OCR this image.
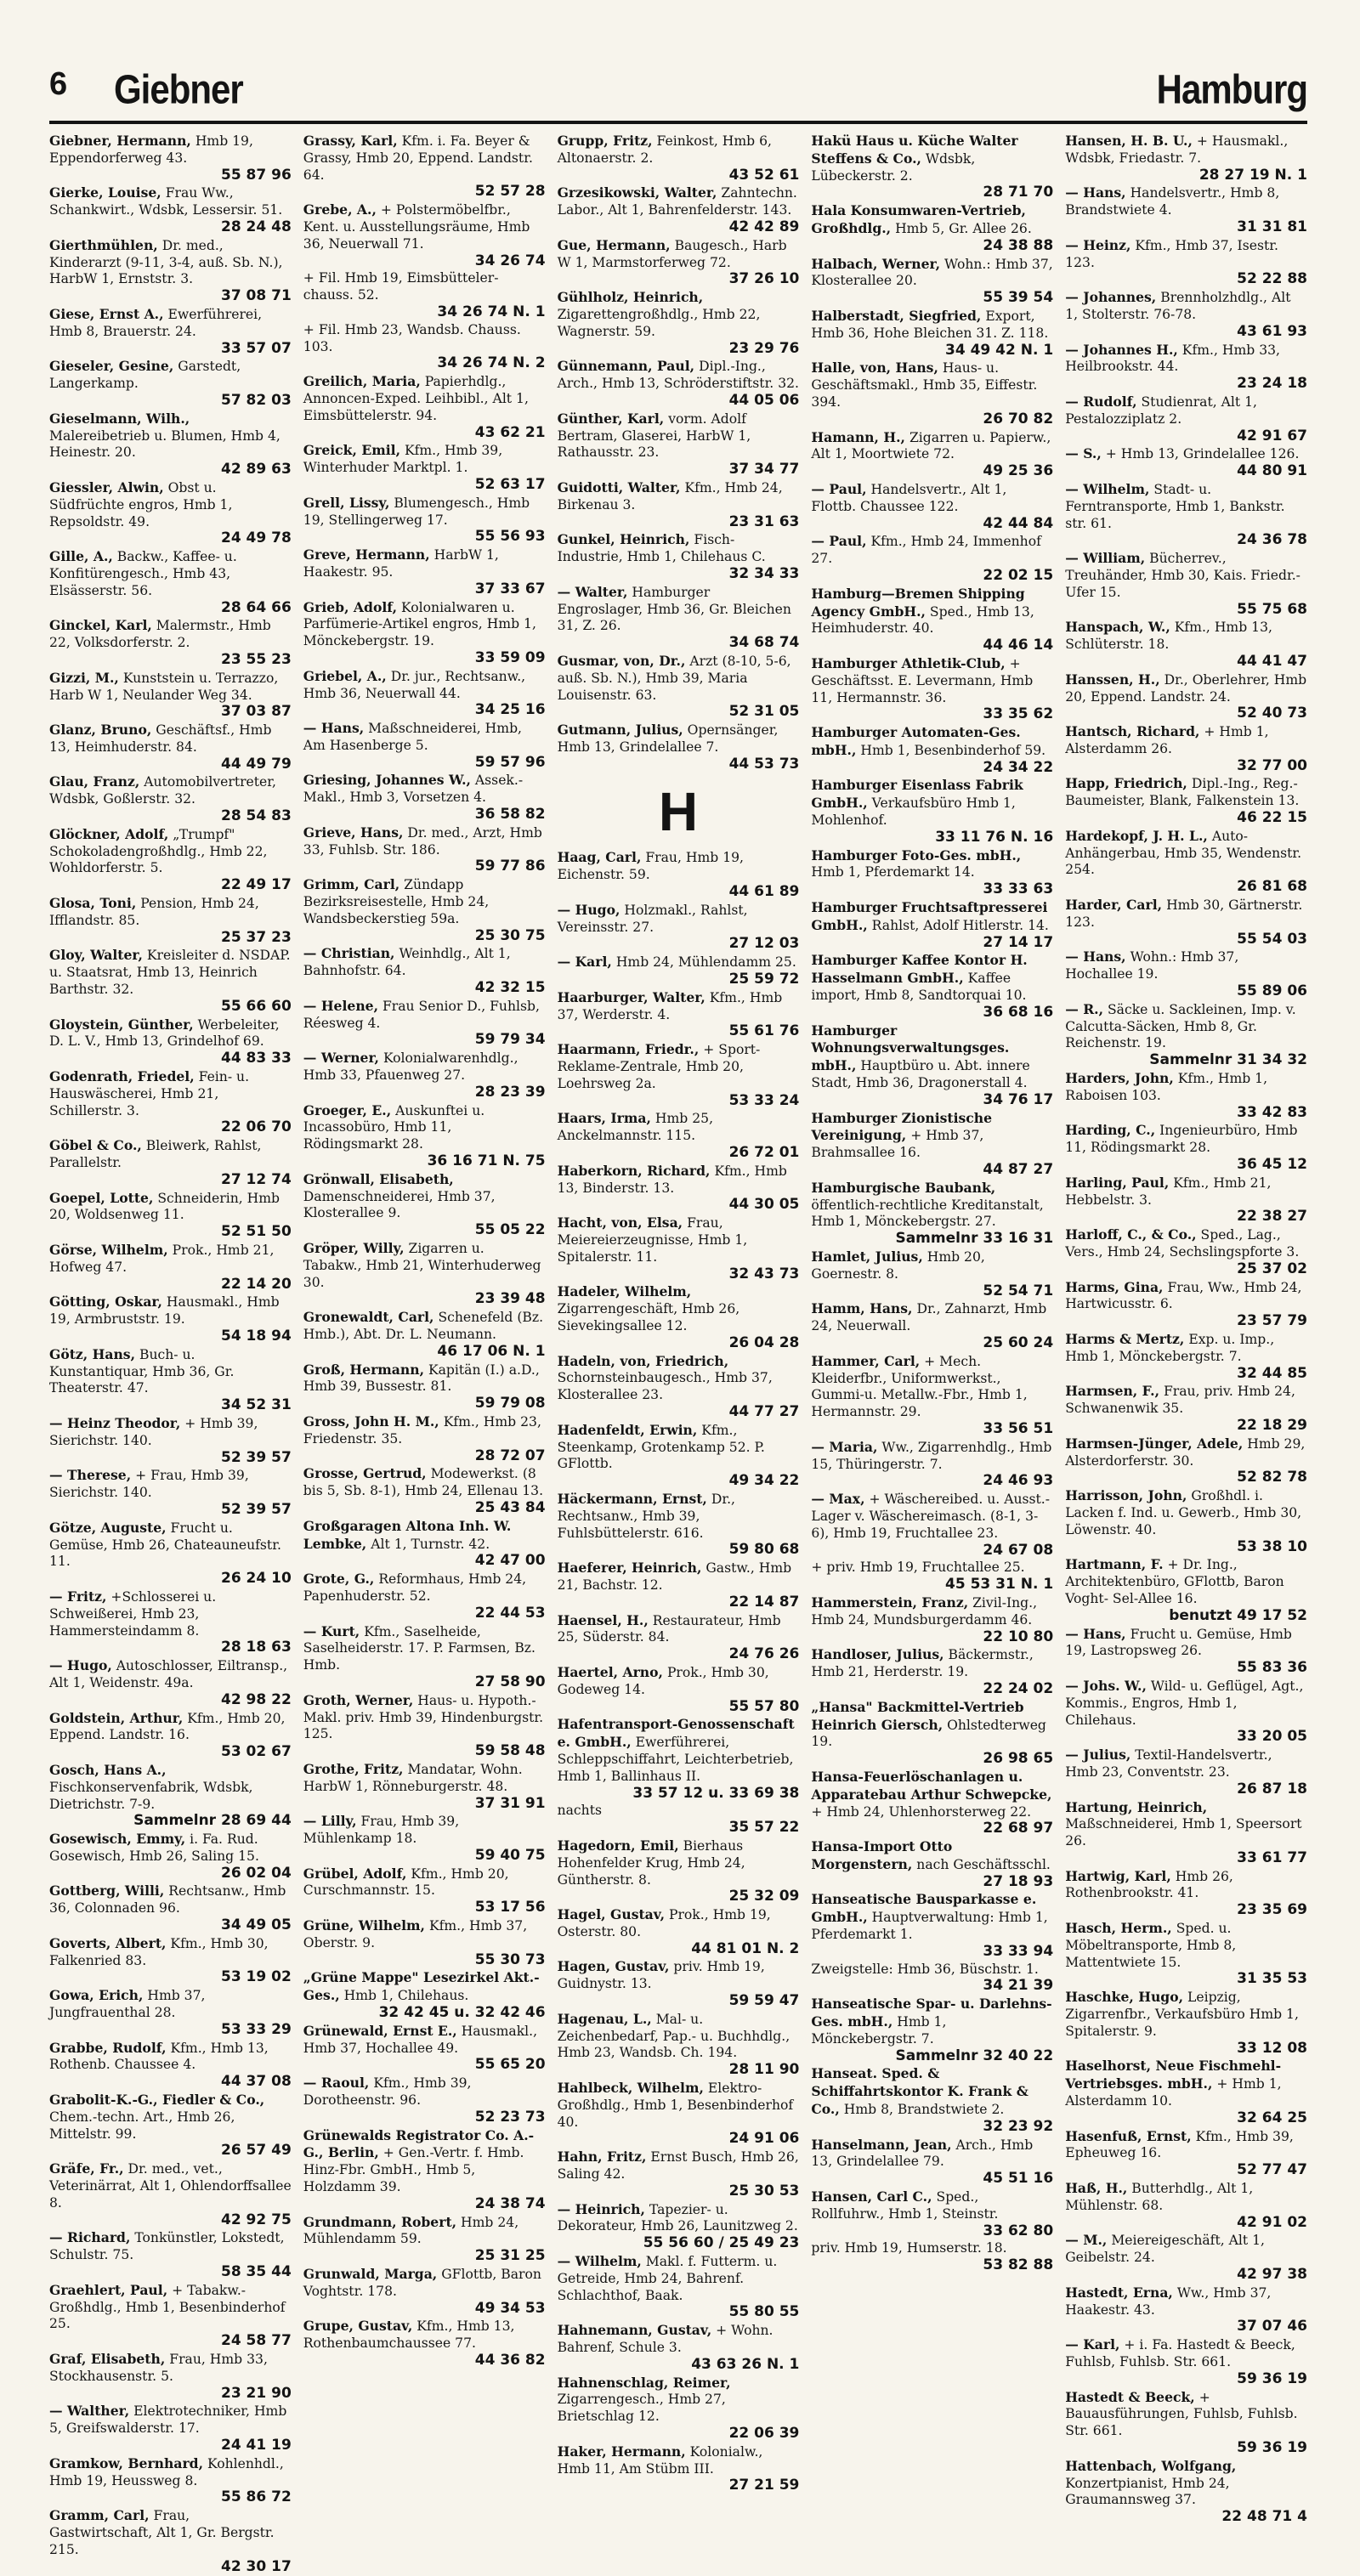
6 Giebner	Hamburg
Giebner, Hermann, Hmb 19, Eppendorferweg 43.
55 87 96
Gierke, Louise, Frau Ww., Schankwirt., Wdsbk, Lessersir. 51.
28 24 48
Gierthmühlen, Dr. med., Kinderarzt (9-11, 3-4, auß. Sb. N.), HarbW 1, Ernststr. 3.
37 08 71
Giese, Ernst A., Ewerführerei, Hmb 8, Brauerstr. 24.
33 57 07
Gieseler, Gesine, Garstedt, Langerkamp.
57 82 03
Gieselmann, Wilh., Malereibetrieb u. Blumen, Hmb 4, Heinestr. 20.
42 89 63
Giessler, Alwin, Obst u. Südfrüchte engros, Hmb 1, Repsoldstr. 49.
24 49 78
Gille, A., Backw., Kaffee- u. Konfitürengesch., Hmb 43, Elsässerstr. 56.
28 64 66
Ginckel, Karl, Malermstr., Hmb 22, Volksdorferstr. 2.
23 55 23
Gizzi, M., Kunststein u. Terrazzo, Harb W 1, Neulander Weg 34.
37 03 87
Glanz, Bruno, Geschäftsf., Hmb 13, Heimhuderstr. 84.
44 49 79
Glau, Franz, Automobilvertreter, Wdsbk, Goßlerstr. 32.
28 54 83
Glöckner, Adolf, „Trumpf" Schokoladengroßhdlg., Hmb 22, Wohldorferstr. 5.
22 49 17
Glosa, Toni, Pension, Hmb 24, Ifflandstr. 85.
25 37 23
Gloy, Walter, Kreisleiter d. NSDAP. u. Staatsrat, Hmb 13, Heinrich Barthstr. 32.
55 66 60
Gloystein, Günther, Werbeleiter, D. L. V., Hmb 13, Grindelhof 69.
44 83 33
Godenrath, Friedel, Fein- u. Hauswäscherei, Hmb 21, Schillerstr. 3.
22 06 70
Göbel & Co., Bleiwerk, Rahlst, Parallelstr.
27 12 74
Goepel, Lotte, Schneiderin, Hmb 20, Woldsenweg 11.
52 51 50
Görse, Wilhelm, Prok., Hmb 21, Hofweg 47.
22 14 20
Götting, Oskar, Hausmakl., Hmb 19, Armbruststr. 19.
54 18 94
Götz, Hans, Buch- u. Kunstantiquar, Hmb 36, Gr. Theaterstr. 47.
34 52 31
— Heinz Theodor, + Hmb 39, Sierichstr. 140.
52 39 57
— Therese, + Frau, Hmb 39, Sierichstr. 140.
52 39 57
Götze, Auguste, Frucht u. Gemüse, Hmb 26, Chateauneufstr. 11.
26 24 10
— Fritz, +Schlosserei u. Schweißerei, Hmb 23, Hammersteindamm 8.
28 18 63
— Hugo, Autoschlosser, Eiltransp., Alt 1, Weidenstr. 49a.
42 98 22
Goldstein, Arthur, Kfm., Hmb 20, Eppend. Landstr. 16.
53 02 67
Gosch, Hans A., Fischkonservenfabrik, Wdsbk, Dietrichstr. 7-9.
Sammelnr 28 69 44
Gosewisch, Emmy, i. Fa. Rud. Gosewisch, Hmb 26, Saling 15.
26 02 04
Gottberg, Willi, Rechtsanw., Hmb 36, Colonnaden 96.
34 49 05
Goverts, Albert, Kfm., Hmb 30, Falkenried 83.
53 19 02
Gowa, Erich, Hmb 37, Jungfrauenthal 28.
53 33 29
Grabbe, Rudolf, Kfm., Hmb 13, Rothenb. Chaussee 4.
44 37 08
Grabolit-K.-G., Fiedler & Co., Chem.-techn. Art., Hmb 26, Mittelstr. 99.
26 57 49
Gräfe, Fr., Dr. med., vet., Veterinärrat, Alt 1, Ohlendorffsallee 8.
42 92 75
— Richard, Tonkünstler, Lokstedt, Schulstr. 75.
58 35 44
Graehlert, Paul, + Tabakw.-Großhdlg., Hmb 1, Besenbinderhof 25.
24 58 77
Graf, Elisabeth, Frau, Hmb 33, Stockhausenstr. 5.
23 21 90
— Walther, Elektrotechniker, Hmb 5, Greifswalderstr. 17.
24 41 19
Gramkow, Bernhard, Kohlenhdl., Hmb 19, Heussweg 8.
55 86 72
Gramm, Carl, Frau, Gastwirtschaft, Alt 1, Gr. Bergstr. 215.
42 30 17
Grassy, Karl, Kfm. i. Fa. Beyer & Grassy, Hmb 20, Eppend. Landstr. 64.
52 57 28
Grebe, A., + Polstermöbelfbr., Kent. u. Ausstellungsräume, Hmb 36, Neuerwall 71.
34 26 74
+ Fil. Hmb 19, Eimsbütteler-chauss. 52.
34 26 74 N. 1
+ Fil. Hmb 23, Wandsb. Chauss. 103.
34 26 74 N. 2
Greilich, Maria, Papierhdlg., Annoncen-Exped. Leihbibl., Alt 1, Eimsbüttelerstr. 94.
43 62 21
Greick, Emil, Kfm., Hmb 39, Winterhuder Marktpl. 1.
52 63 17
Grell, Lissy, Blumengesch., Hmb 19, Stellingerweg 17.
55 56 93
Greve, Hermann, HarbW 1, Haakestr. 95.
37 33 67
Grieb, Adolf, Kolonialwaren u. Parfümerie-Artikel engros, Hmb 1, Mönckebergstr. 19.
33 59 09
Griebel, A., Dr. jur., Rechtsanw., Hmb 36, Neuerwall 44.
34 25 16
— Hans, Maßschneiderei, Hmb, Am Hasenberge 5.
59 57 96
Griesing, Johannes W., Assek.-Makl., Hmb 3, Vorsetzen 4.
36 58 82
Grieve, Hans, Dr. med., Arzt, Hmb 33, Fuhlsb. Str. 186.
59 77 86
Grimm, Carl, Zündapp Bezirksreisestelle, Hmb 24, Wandsbeckerstieg 59a.
25 30 75
— Christian, Weinhdlg., Alt 1, Bahnhofstr. 64.
42 32 15
— Helene, Frau Senior D., Fuhlsb, Réesweg 4.
59 79 34
— Werner, Kolonialwarenhdlg., Hmb 33, Pfauenweg 27.
28 23 39
Groeger, E., Auskunftei u. Incassobüro, Hmb 11, Rödingsmarkt 28.
36 16 71 N. 75
Grönwall, Elisabeth, Damenschneiderei, Hmb 37, Klosterallee 9.
55 05 22
Gröper, Willy, Zigarren u. Tabakw., Hmb 21, Winterhuderweg 30.
23 39 48
Gronewaldt, Carl, Schenefeld (Bz. Hmb.), Abt. Dr. L. Neumann.
46 17 06 N. 1
Groß, Hermann, Kapitän (I.) a.D., Hmb 39, Bussestr. 81.
59 79 08
Gross, John H. M., Kfm., Hmb 23, Friedenstr. 35.
28 72 07
Grosse, Gertrud, Modewerkst. (8 bis 5, Sb. 8-1), Hmb 24, Ellenau 13.
25 43 84
Großgaragen Altona Inh. W. Lembke, Alt 1, Turnstr. 42.
42 47 00
Grote, G., Reformhaus, Hmb 24, Papenhuderstr. 52.
22 44 53
— Kurt, Kfm., Saselheide, Saselheiderstr. 17. P. Farmsen, Bz. Hmb.
27 58 90
Groth, Werner, Haus- u. Hypoth.-Makl. priv. Hmb 39, Hindenburgstr. 125.
59 58 48
Grothe, Fritz, Mandatar, Wohn. HarbW 1, Rönneburgerstr. 48.
37 31 91
— Lilly, Frau, Hmb 39, Mühlenkamp 18.
59 40 75
Grübel, Adolf, Kfm., Hmb 20, Curschmannstr. 15.
53 17 56
Grüne, Wilhelm, Kfm., Hmb 37, Oberstr. 9.
55 30 73
„Grüne Mappe" Lesezirkel Akt.-Ges., Hmb 1, Chilehaus.
32 42 45 u. 32 42 46
Grünewald, Ernst E., Hausmakl., Hmb 37, Hochallee 49.
55 65 20
— Raoul, Kfm., Hmb 39, Dorotheenstr. 96.
52 23 73
Grünewalds Registrator Co. A.-G., Berlin, + Gen.-Vertr. f. Hmb. Hinz-Fbr. GmbH., Hmb 5, Holzdamm 39.
24 38 74
Grundmann, Robert, Hmb 24, Mühlendamm 59.
25 31 25
Grunwald, Marga, GFlottb, Baron Voghtstr. 178.
49 34 53
Grupe, Gustav, Kfm., Hmb 13, Rothenbaumchaussee 77.
44 36 82
Grupp, Fritz, Feinkost, Hmb 6, Altonaerstr. 2.
43 52 61
Grzesikowski, Walter, Zahntechn. Labor., Alt 1, Bahrenfelderstr. 143.
42 42 89
Gue, Hermann, Baugesch., Harb W 1, Marmstorferweg 72.
37 26 10
Gühlholz, Heinrich, Zigarettengroßhdlg., Hmb 22, Wagnerstr. 59.
23 29 76
Günnemann, Paul, Dipl.-Ing., Arch., Hmb 13, Schröderstiftstr. 32.
44 05 06
Günther, Karl, vorm. Adolf Bertram, Glaserei, HarbW 1, Rathausstr. 23.
37 34 77
Guidotti, Walter, Kfm., Hmb 24, Birkenau 3.
23 31 63
Gunkel, Heinrich, Fisch-Industrie, Hmb 1, Chilehaus C.
32 34 33
— Walter, Hamburger Engroslager, Hmb 36, Gr. Bleichen 31, Z. 26.
34 68 74
Gusmar, von, Dr., Arzt (8-10, 5-6, auß. Sb. N.), Hmb 39, Maria Louisenstr. 63.
52 31 05
Gutmann, Julius, Opernsänger, Hmb 13, Grindelallee 7.
44 53 73
H
Haag, Carl, Frau, Hmb 19, Eichenstr. 59.
44 61 89
— Hugo, Holzmakl., Rahlst, Vereinsstr. 27.
27 12 03
— Karl, Hmb 24, Mühlendamm 25.
25 59 72
Haarburger, Walter, Kfm., Hmb 37, Werderstr. 4.
55 61 76
Haarmann, Friedr., + Sport-Reklame-Zentrale, Hmb 20, Loehrsweg 2a.
53 33 24
Haars, Irma, Hmb 25, Anckelmannstr. 115.
26 72 01
Haberkorn, Richard, Kfm., Hmb 13, Binderstr. 13.
44 30 05
Hacht, von, Elsa, Frau, Meiereierzeugnisse, Hmb 1, Spitalerstr. 11.
32 43 73
Hadeler, Wilhelm, Zigarrengeschäft, Hmb 26, Sievekingsallee 12.
26 04 28
Hadeln, von, Friedrich, Schornsteinbaugesch., Hmb 37, Klosterallee 23.
44 77 27
Hadenfeldt, Erwin, Kfm., Steenkamp, Grotenkamp 52. P. GFlottb.
49 34 22
Häckermann, Ernst, Dr., Rechtsanw., Hmb 39, Fuhlsbüttelerstr. 616.
59 80 68
Haeferer, Heinrich, Gastw., Hmb 21, Bachstr. 12.
22 14 87
Haensel, H., Restaurateur, Hmb 25, Süderstr. 84.
24 76 26
Haertel, Arno, Prok., Hmb 30, Godeweg 14.
55 57 80
Hafentransport-Genossenschaft e. GmbH., Ewerführerei, Schleppschiffahrt, Leichterbetrieb, Hmb 1, Ballinhaus II.
33 57 12 u. 33 69 38
nachts
35 57 22
Hagedorn, Emil, Bierhaus Hohenfelder Krug, Hmb 24, Güntherstr. 8.
25 32 09
Hagel, Gustav, Prok., Hmb 19, Osterstr. 80.
44 81 01 N. 2
Hagen, Gustav, priv. Hmb 19, Guidnystr. 13.
59 59 47
Hagenau, L., Mal- u. Zeichenbedarf, Pap.- u. Buchhdlg., Hmb 23, Wandsb. Ch. 194.
28 11 90
Hahlbeck, Wilhelm, Elektro-Großhdlg., Hmb 1, Besenbinderhof 40.
24 91 06
Hahn, Fritz, Ernst Busch, Hmb 26, Saling 42.
25 30 53
— Heinrich, Tapezier- u. Dekorateur, Hmb 26, Launitzweg 2.
55 56 60 / 25 49 23
— Wilhelm, Makl. f. Futterm. u. Getreide, Hmb 24, Bahrenf. Schlachthof, Baak.
55 80 55
Hahnemann, Gustav, + Wohn. Bahrenf, Schule 3.
43 63 26 N. 1
Hahnenschlag, Reimer, Zigarrengesch., Hmb 27, Brietschlag 12.
22 06 39
Haker, Hermann, Kolonialw., Hmb 11, Am Stübm III.
27 21 59
Hakü Haus u. Küche Walter Steffens & Co., Wdsbk, Lübeckerstr. 2.
28 71 70
Hala Konsumwaren-Vertrieb, Großhdlg., Hmb 5, Gr. Allee 26.
24 38 88
Halbach, Werner, Wohn.: Hmb 37, Klosterallee 20.
55 39 54
Halberstadt, Siegfried, Export, Hmb 36, Hohe Bleichen 31. Z. 118.
34 49 42 N. 1
Halle, von, Hans, Haus- u. Geschäftsmakl., Hmb 35, Eiffestr. 394.
26 70 82
Hamann, H., Zigarren u. Papierw., Alt 1, Moortwiete 72.
49 25 36
— Paul, Handelsvertr., Alt 1, Flottb. Chaussee 122.
42 44 84
— Paul, Kfm., Hmb 24, Immenhof 27.
22 02 15
Hamburg—Bremen Shipping Agency GmbH., Sped., Hmb 13, Heimhuderstr. 40.
44 46 14
Hamburger Athletik-Club, + Geschäftsst. E. Levermann, Hmb 11, Hermannstr. 36.
33 35 62
Hamburger Automaten-Ges. mbH., Hmb 1, Besenbinderhof 59.
24 34 22
Hamburger Eisenlass Fabrik GmbH., Verkaufsbüro Hmb 1, Mohlenhof.
33 11 76 N. 16
Hamburger Foto-Ges. mbH., Hmb 1, Pferdemarkt 14.
33 33 63
Hamburger Fruchtsaftpresserei GmbH., Rahlst, Adolf Hitlerstr. 14.
27 14 17
Hamburger Kaffee Kontor H. Hasselmann GmbH., Kaffee import, Hmb 8, Sandtorquai 10.
36 68 16
Hamburger Wohnungsverwaltungsges. mbH., Hauptbüro u. Abt. innere Stadt, Hmb 36, Dragonerstall 4.
34 76 17
Hamburger Zionistische Vereinigung, + Hmb 37, Brahmsallee 16.
44 87 27
Hamburgische Baubank, öffentlich-rechtliche Kreditanstalt, Hmb 1, Mönckebergstr. 27.
Sammelnr 33 16 31
Hamlet, Julius, Hmb 20, Goernestr. 8.
52 54 71
Hamm, Hans, Dr., Zahnarzt, Hmb 24, Neuerwall.
25 60 24
Hammer, Carl, + Mech. Kleiderfbr., Uniformwerkst., Gummi-u. Metallw.-Fbr., Hmb 1, Hermannstr. 29.
33 56 51
— Maria, Ww., Zigarrenhdlg., Hmb 15, Thüringerstr. 7.
24 46 93
— Max, + Wäschereibed. u. Ausst.-Lager v. Wäschereimasch. (8-1, 3-6), Hmb 19, Fruchtallee 23.
24 67 08
+ priv. Hmb 19, Fruchtallee 25.
45 53 31 N. 1
Hammerstein, Franz, Zivil-Ing., Hmb 24, Mundsburgerdamm 46.
22 10 80
Handloser, Julius, Bäckermstr., Hmb 21, Herderstr. 19.
22 24 02
„Hansa" Backmittel-Vertrieb Heinrich Giersch, Ohlstedterweg 19.
26 98 65
Hansa-Feuerlöschanlagen u. Apparatebau Arthur Schwepcke, + Hmb 24, Uhlenhorsterweg 22.
22 68 97
Hansa-Import Otto Morgenstern, nach Geschäftsschl.
27 18 93
Hanseatische Bausparkasse e. GmbH., Hauptverwaltung: Hmb 1, Pferdemarkt 1.
33 33 94
Zweigstelle: Hmb 36, Büschstr. 1.
34 21 39
Hanseatische Spar- u. Darlehns-Ges. mbH., Hmb 1, Mönckebergstr. 7.
Sammelnr 32 40 22
Hanseat. Sped. & Schiffahrtskontor K. Frank & Co., Hmb 8, Brandstwiete 2.
32 23 92
Hanselmann, Jean, Arch., Hmb 13, Grindelallee 79.
45 51 16
Hansen, Carl C., Sped., Rollfuhrw., Hmb 1, Steinstr.
33 62 80
priv. Hmb 19, Humserstr. 18.
53 82 88
Hansen, H. B. U., + Hausmakl., Wdsbk, Friedastr. 7.
28 27 19 N. 1
— Hans, Handelsvertr., Hmb 8, Brandstwiete 4.
31 31 81
— Heinz, Kfm., Hmb 37, Isestr. 123.
52 22 88
— Johannes, Brennholzhdlg., Alt 1, Stolterstr. 76-78.
43 61 93
— Johannes H., Kfm., Hmb 33, Heilbrookstr. 44.
23 24 18
— Rudolf, Studienrat, Alt 1, Pestalozziplatz 2.
42 91 67
— S., + Hmb 13, Grindelallee 126.
44 80 91
— Wilhelm, Stadt- u. Ferntransporte, Hmb 1, Bankstr. str. 61.
24 36 78
— William, Bücherrev., Treuhänder, Hmb 30, Kais. Friedr.-Ufer 15.
55 75 68
Hanspach, W., Kfm., Hmb 13, Schlüterstr. 18.
44 41 47
Hanssen, H., Dr., Oberlehrer, Hmb 20, Eppend. Landstr. 24.
52 40 73
Hantsch, Richard, + Hmb 1, Alsterdamm 26.
32 77 00
Happ, Friedrich, Dipl.-Ing., Reg.-Baumeister, Blank, Falkenstein 13.
46 22 15
Hardekopf, J. H. L., Auto-Anhängerbau, Hmb 35, Wendenstr. 254.
26 81 68
Harder, Carl, Hmb 30, Gärtnerstr. 123.
55 54 03
— Hans, Wohn.: Hmb 37, Hochallee 19.
55 89 06
— R., Säcke u. Sackleinen, Imp. v. Calcutta-Säcken, Hmb 8, Gr. Reichenstr. 19.
Sammelnr 31 34 32
Harders, John, Kfm., Hmb 1, Raboisen 103.
33 42 83
Harding, C., Ingenieurbüro, Hmb 11, Rödingsmarkt 28.
36 45 12
Harling, Paul, Kfm., Hmb 21, Hebbelstr. 3.
22 38 27
Harloff, C., & Co., Sped., Lag., Vers., Hmb 24, Sechslingspforte 3.
25 37 02
Harms, Gina, Frau, Ww., Hmb 24, Hartwicusstr. 6.
23 57 79
Harms & Mertz, Exp. u. Imp., Hmb 1, Mönckebergstr. 7.
32 44 85
Harmsen, F., Frau, priv. Hmb 24, Schwanenwik 35.
22 18 29
Harmsen-Jünger, Adele, Hmb 29, Alsterdorferstr. 30.
52 82 78
Harrisson, John, Großhdl. i. Lacken f. Ind. u. Gewerb., Hmb 30, Löwenstr. 40.
53 38 10
Hartmann, F. + Dr. Ing., Architektenbüro, GFlottb, Baron Voght- Sel-Allee 16.
benutzt 49 17 52
— Hans, Frucht u. Gemüse, Hmb 19, Lastropsweg 26.
55 83 36
— Johs. W., Wild- u. Geflügel, Agt., Kommis., Engros, Hmb 1, Chilehaus.
33 20 05
— Julius, Textil-Handelsvertr., Hmb 23, Conventstr. 23.
26 87 18
Hartung, Heinrich, Maßschneiderei, Hmb 1, Speersort 26.
33 61 77
Hartwig, Karl, Hmb 26, Rothenbrookstr. 41.
23 35 69
Hasch, Herm., Sped. u. Möbeltransporte, Hmb 8, Mattentwiete 15.
31 35 53
Haschke, Hugo, Leipzig, Zigarrenfbr., Verkaufsbüro Hmb 1, Spitalerstr. 9.
33 12 08
Haselhorst, Neue Fischmehl-Vertriebsges. mbH., + Hmb 1, Alsterdamm 10.
32 64 25
Hasenfuß, Ernst, Kfm., Hmb 39, Epheuweg 16.
52 77 47
Haß, H., Butterhdlg., Alt 1, Mühlenstr. 68.
42 91 02
— M., Meiereigeschäft, Alt 1, Geibelstr. 24.
42 97 38
Hastedt, Erna, Ww., Hmb 37, Haakestr. 43.
37 07 46
— Karl, + i. Fa. Hastedt & Beeck, Fuhlsb, Fuhlsb. Str. 661.
59 36 19
Hastedt & Beeck, + Bauausführungen, Fuhlsb, Fuhlsb. Str. 661.
59 36 19
Hattenbach, Wolfgang, Konzertpianist, Hmb 24, Graumannsweg 37.
22 48 71 4
